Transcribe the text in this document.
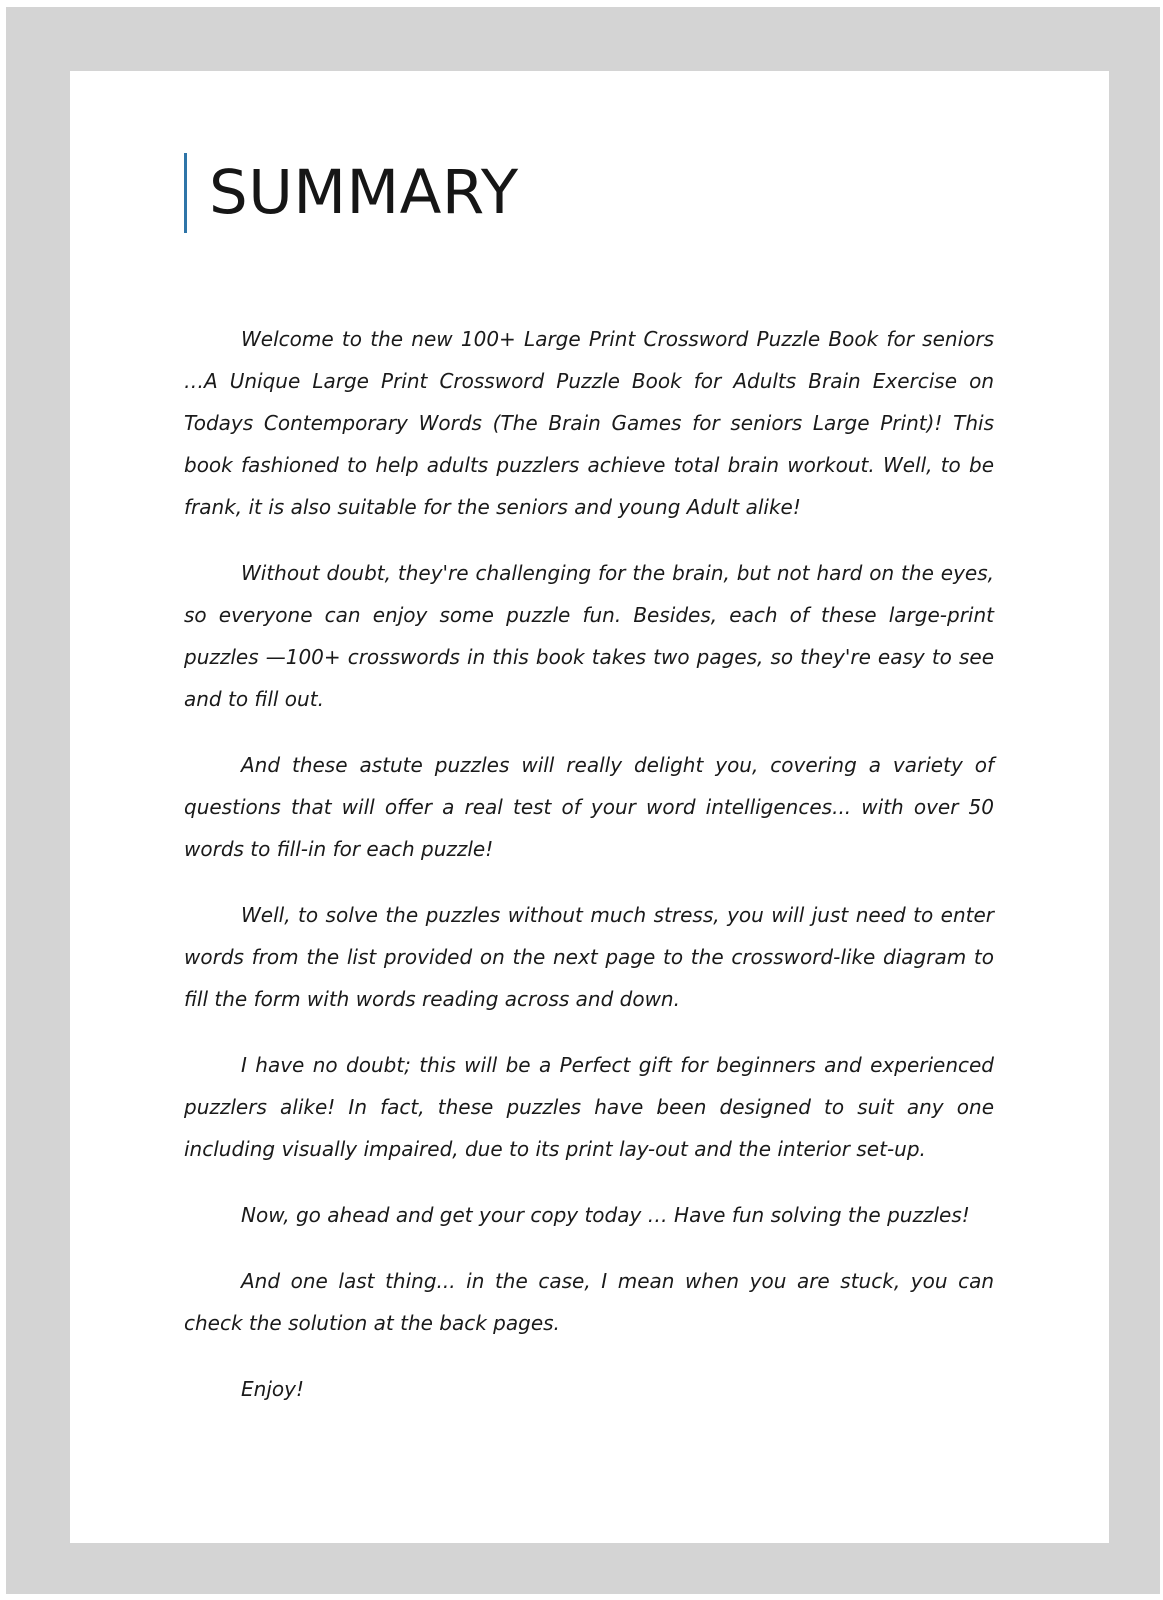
SUMMARY

Welcome to the new 100+ Large Print Crossword Puzzle Book for seniors …A Unique Large Print Crossword Puzzle Book for Adults Brain Exercise on Todays Contemporary Words (The Brain Games for seniors Large Print)! This book fashioned to help adults puzzlers achieve total brain workout. Well, to be frank, it is also suitable for the seniors and young Adult alike!

Without doubt, they're challenging for the brain, but not hard on the eyes, so everyone can enjoy some puzzle fun. Besides, each of these large-print puzzles —100+ crosswords in this book takes two pages, so they're easy to see and to fill out.

And these astute puzzles will really delight you, covering a variety of questions that will offer a real test of your word intelligences... with over 50 words to fill-in for each puzzle!

Well, to solve the puzzles without much stress, you will just need to enter words from the list provided on the next page to the crossword-like diagram to fill the form with words reading across and down.

I have no doubt; this will be a Perfect gift for beginners and experienced puzzlers alike! In fact, these puzzles have been designed to suit any one including visually impaired, due to its print lay-out and the interior set-up.

Now, go ahead and get your copy today … Have fun solving the puzzles!

And one last thing... in the case, I mean when you are stuck, you can check the solution at the back pages.

Enjoy!
